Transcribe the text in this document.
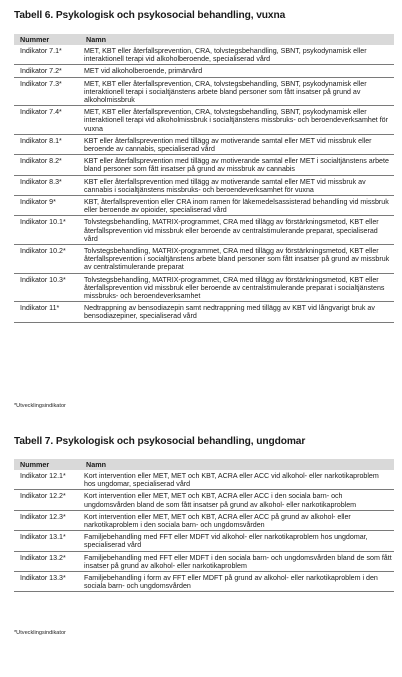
Tabell 6. Psykologisk och psykosocial behandling, vuxna
Nummer	Namn
Indikator 7.1*	MET, KBT eller återfallsprevention, CRA, tolvstegsbehandling, SBNT, psykodynamisk eller interaktionell terapi vid alkoholberoende, specialiserad vård
Indikator 7.2*	MET vid alkoholberoende, primärvård
Indikator 7.3*	MET, KBT eller återfallsprevention, CRA, tolvstegsbehandling, SBNT, psykodynamisk eller interaktionell terapi i socialtjänstens arbete bland personer som fått insatser på grund av alkoholmissbruk
Indikator 7.4*	MET, KBT eller återfallsprevention, CRA, tolvstegsbehandling, SBNT, psykodynamisk eller interaktionell terapi vid alkoholmissbruk i socialtjänstens missbruks- och beroendeverksamhet för vuxna
Indikator 8.1*	KBT eller återfallsprevention med tillägg av motiverande samtal eller MET vid missbruk eller beroende av cannabis, specialiserad vård
Indikator 8.2*	KBT eller återfallsprevention med tillägg av motiverande samtal eller MET i socialtjänstens arbete bland personer som fått insatser på grund av missbruk av cannabis
Indikator 8.3*	KBT eller återfallsprevention med tillägg av motiverande samtal eller MET vid missbruk av cannabis i socialtjänstens missbruks- och beroendeverksamhet för vuxna
Indikator 9*	KBT, återfallsprevention eller CRA inom ramen för läkemedelsassisterad behandling vid missbruk eller beroende av opioider, specialiserad vård
Indikator 10.1*	Tolvstegsbehandling, MATRIX-programmet, CRA med tillägg av förstärkningsmetod, KBT eller återfallsprevention vid missbruk eller beroende av centralstimulerande preparat, specialiserad vård
Indikator 10.2*	Tolvstegsbehandling, MATRIX-programmet, CRA med tillägg av förstärkningsmetod, KBT eller återfallsprevention i socialtjänstens arbete bland personer som fått insatser på grund av missbruk av centralstimulerande preparat
Indikator 10.3*	Tolvstegsbehandling, MATRIX-programmet, CRA med tillägg av förstärkningsmetod, KBT eller återfallsprevention vid missbruk eller beroende av centralstimulerande preparat i socialtjänstens missbruks- och beroendeverksamhet
Indikator 11*	Nedtrappning av bensodiazepin samt nedtrappning med tillägg av KBT vid långvarigt bruk av bensodiazepiner, specialiserad vård
*Utvecklingsindikator
Tabell 7. Psykologisk och psykosocial behandling, ungdomar
Nummer	Namn
Indikator 12.1*	Kort intervention eller MET, MET och KBT, ACRA eller ACC vid alkohol- eller narkotikaproblem hos ungdomar, specialiserad vård
Indikator 12.2*	Kort intervention eller MET, MET och KBT, ACRA eller ACC i den sociala barn- och ungdomsvården bland de som fått insatser på grund av alkohol- eller narkotikaproblem
Indikator 12.3*	Kort intervention eller MET, MET och KBT, ACRA eller ACC på grund av alkohol- eller narkotikaproblem i den sociala barn- och ungdomsvården
Indikator 13.1*	Familjebehandling med FFT eller MDFT vid alkohol- eller narkotikaproblem hos ungdomar, specialiserad vård
Indikator 13.2*	Familjebehandling med FFT eller MDFT i den sociala barn- och ungdomsvården bland de som fått insatser på grund av alkohol- eller narkotikaproblem
Indikator 13.3*	Familjebehandling i form av FFT eller MDFT på grund av alkohol- eller narkotikaproblem i den sociala barn- och ungdomsvården
*Utvecklingsindikator
